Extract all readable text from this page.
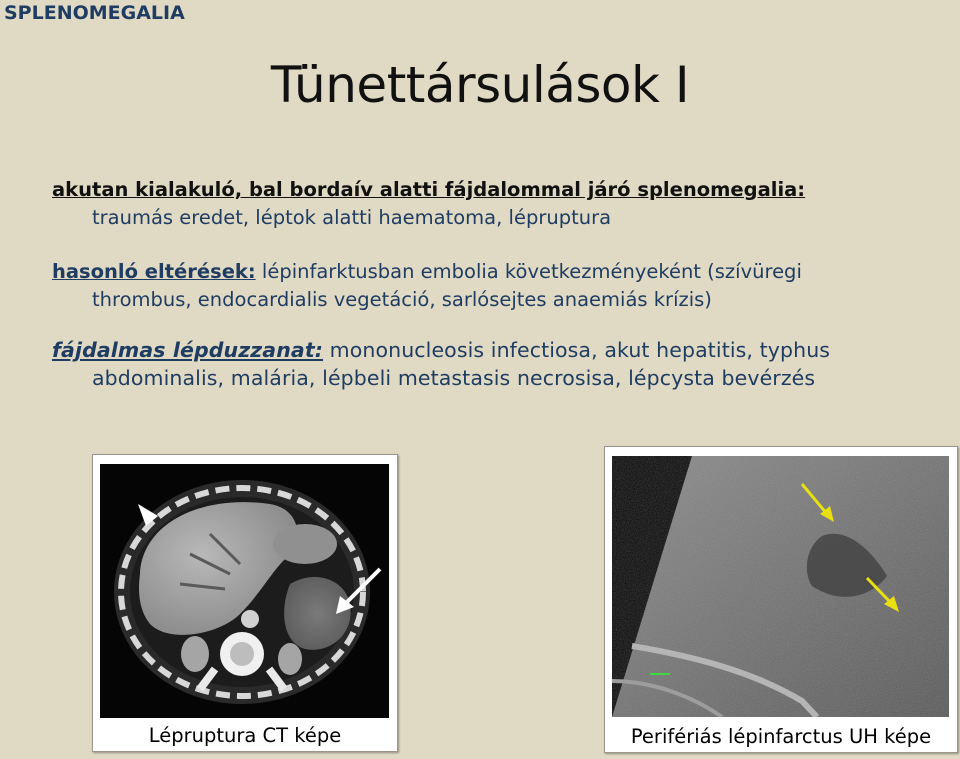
SPLENOMEGALIA
Tünettársulások I

akutan kialakuló, bal bordaív alatti fájdalommal járó splenomegalia:
traumás eredet, léptok alatti haematoma, lépruptura

hasonló eltérések: lépinfarktusban embolia következményeként (szívüregi
thrombus, endocardialis vegetáció, sarlósejtes anaemiás krízis)

fájdalmas lépduzzanat: mononucleosis infectiosa, akut hepatitis, typhus
abdominalis, malária, lépbeli metastasis necrosisa, lépcysta bevérzés

Lépruptura CT képe	Perifériás lépinfarctus UH képe
